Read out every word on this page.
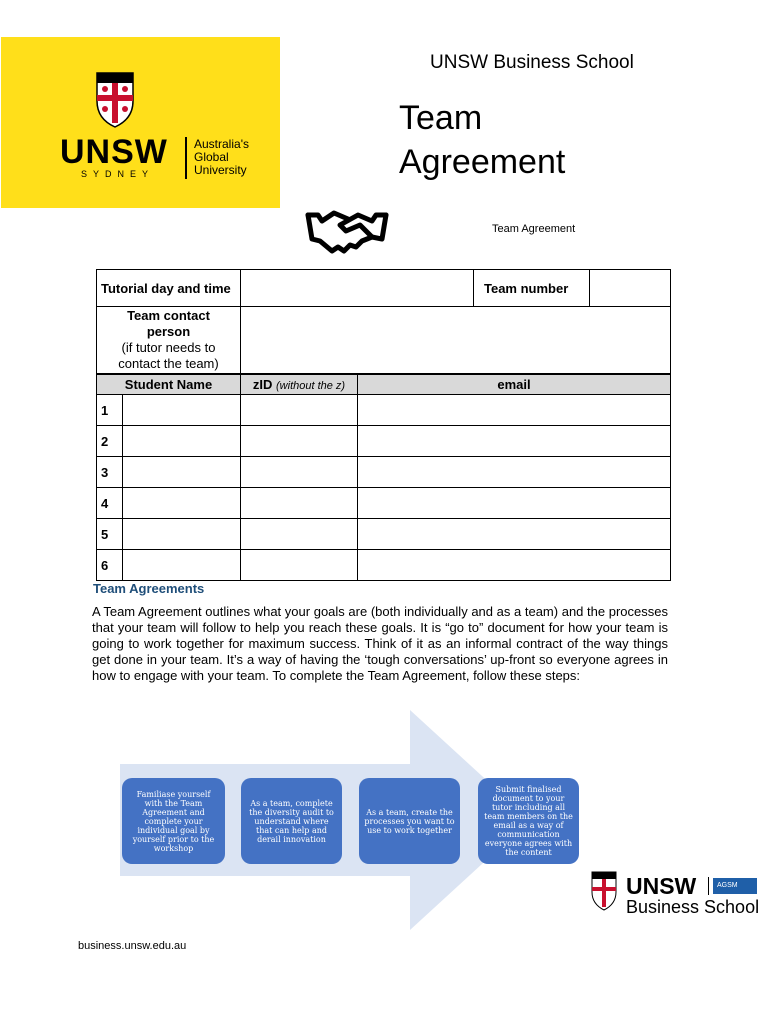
UNSW
SYDNEY
Australia's
Global
University
UNSW Business School
Team
Agreement
Team Agreement
Tutorial day and time				Team number	

Team contact
person
(if tutor needs to contact the team)					

Student Name		zID (without the z)	email		
1					
2					
3					
4					
5					
6					
Team Agreements
A Team Agreement outlines what your goals are (both individually and as a team) and the processes that your team will follow to help you reach these goals. It is “go to” document for how your team is going to work together for maximum success. Think of it as an informal contract of the way things get done in your team. It’s a way of having the ‘tough conversations’ up-front so everyone agrees in how to engage with your team. To complete the Team Agreement, follow these steps:
Familiase yourself with the Team Agreement and complete your individual goal by yourself prior to the workshop
As a team, complete the diversity audit to understand where that can help and derail innovation
As a team, create the processes you want to use to work together
Submit finalised document to your tutor including all team members on the email as a way of communication everyone agrees with the content
UNSW	AGSM
Business School
business.unsw.edu.au
